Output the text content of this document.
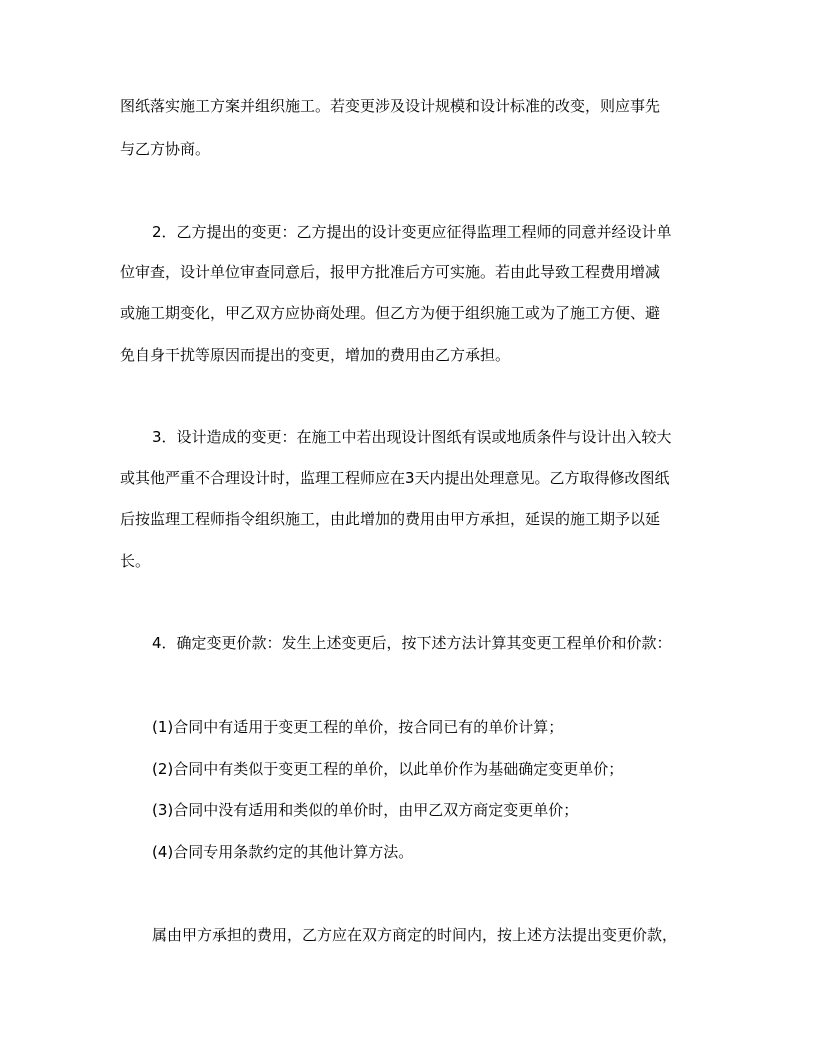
图纸落实施工方案并组织施工。若变更涉及设计规模和设计标准的改变，则应事先
与乙方协商。
2．乙方提出的变更：乙方提出的设计变更应征得监理工程师的同意并经设计单
位审查，设计单位审查同意后，报甲方批准后方可实施。若由此导致工程费用增减
或施工期变化，甲乙双方应协商处理。但乙方为便于组织施工或为了施工方便、避
免自身干扰等原因而提出的变更，增加的费用由乙方承担。
3．设计造成的变更：在施工中若出现设计图纸有误或地质条件与设计出入较大
或其他严重不合理设计时，监理工程师应在3天内提出处理意见。乙方取得修改图纸
后按监理工程师指令组织施工，由此增加的费用由甲方承担，延误的施工期予以延
长。
4．确定变更价款：发生上述变更后，按下述方法计算其变更工程单价和价款：
(1)合同中有适用于变更工程的单价，按合同已有的单价计算；
(2)合同中有类似于变更工程的单价，以此单价作为基础确定变更单价；
(3)合同中没有适用和类似的单价时，由甲乙双方商定变更单价；
(4)合同专用条款约定的其他计算方法。
属由甲方承担的费用，乙方应在双方商定的时间内，按上述方法提出变更价款，
